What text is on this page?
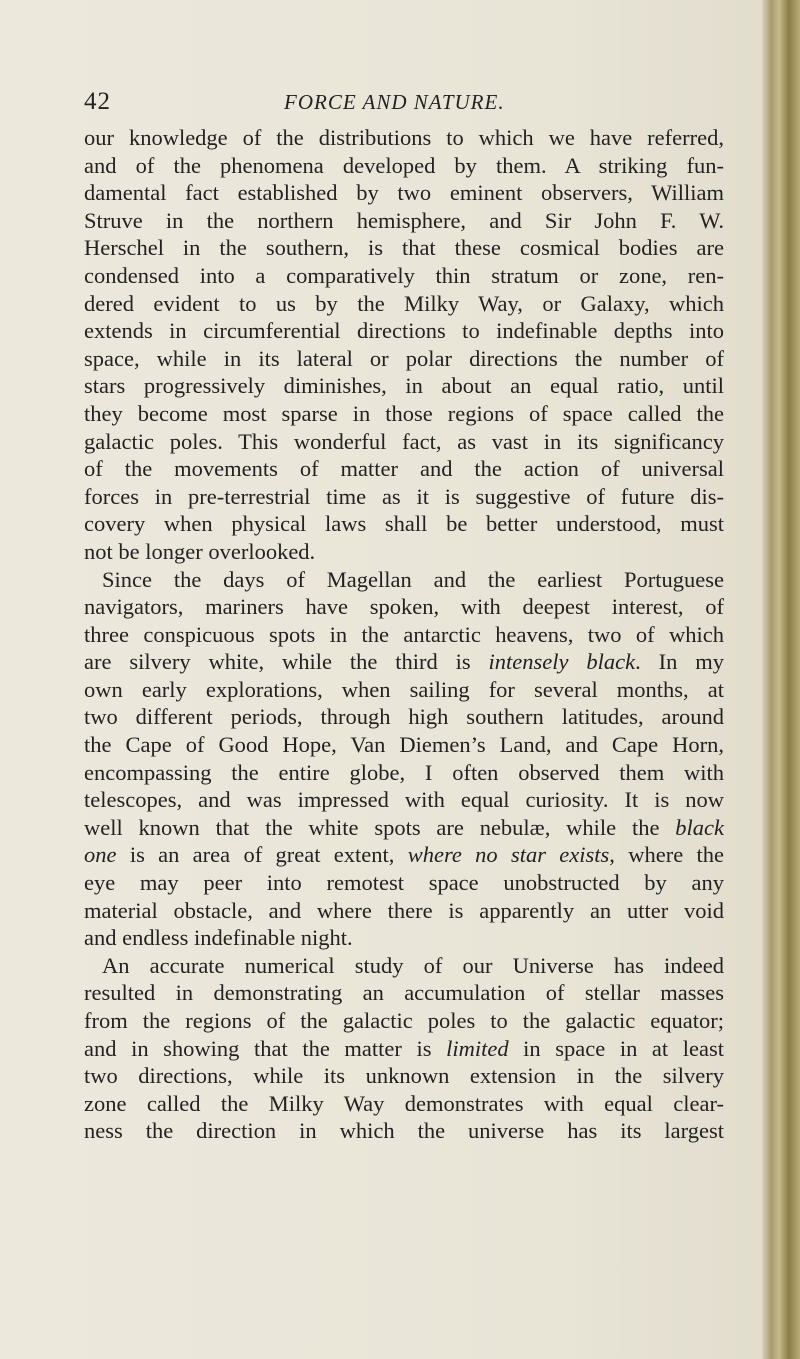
42	FORCE AND NATURE.
our knowledge of the distributions to which we have referred,
and of the phenomena developed by them. A striking fun-
damental fact established by two eminent observers, William
Struve in the northern hemisphere, and Sir John F. W.
Herschel in the southern, is that these cosmical bodies are
condensed into a comparatively thin stratum or zone, ren-
dered evident to us by the Milky Way, or Galaxy, which
extends in circumferential directions to indefinable depths into
space, while in its lateral or polar directions the number of
stars progressively diminishes, in about an equal ratio, until
they become most sparse in those regions of space called the
galactic poles. This wonderful fact, as vast in its significancy
of the movements of matter and the action of universal
forces in pre-terrestrial time as it is suggestive of future dis-
covery when physical laws shall be better understood, must
not be longer overlooked.
Since the days of Magellan and the earliest Portuguese
navigators, mariners have spoken, with deepest interest, of
three conspicuous spots in the antarctic heavens, two of which
are silvery white, while the third is intensely black. In my
own early explorations, when sailing for several months, at
two different periods, through high southern latitudes, around
the Cape of Good Hope, Van Diemen’s Land, and Cape Horn,
encompassing the entire globe, I often observed them with
telescopes, and was impressed with equal curiosity. It is now
well known that the white spots are nebulæ, while the black
one is an area of great extent, where no star exists, where the
eye may peer into remotest space unobstructed by any
material obstacle, and where there is apparently an utter void
and endless indefinable night.
An accurate numerical study of our Universe has indeed
resulted in demonstrating an accumulation of stellar masses
from the regions of the galactic poles to the galactic equator;
and in showing that the matter is limited in space in at least
two directions, while its unknown extension in the silvery
zone called the Milky Way demonstrates with equal clear-
ness the direction in which the universe has its largest
